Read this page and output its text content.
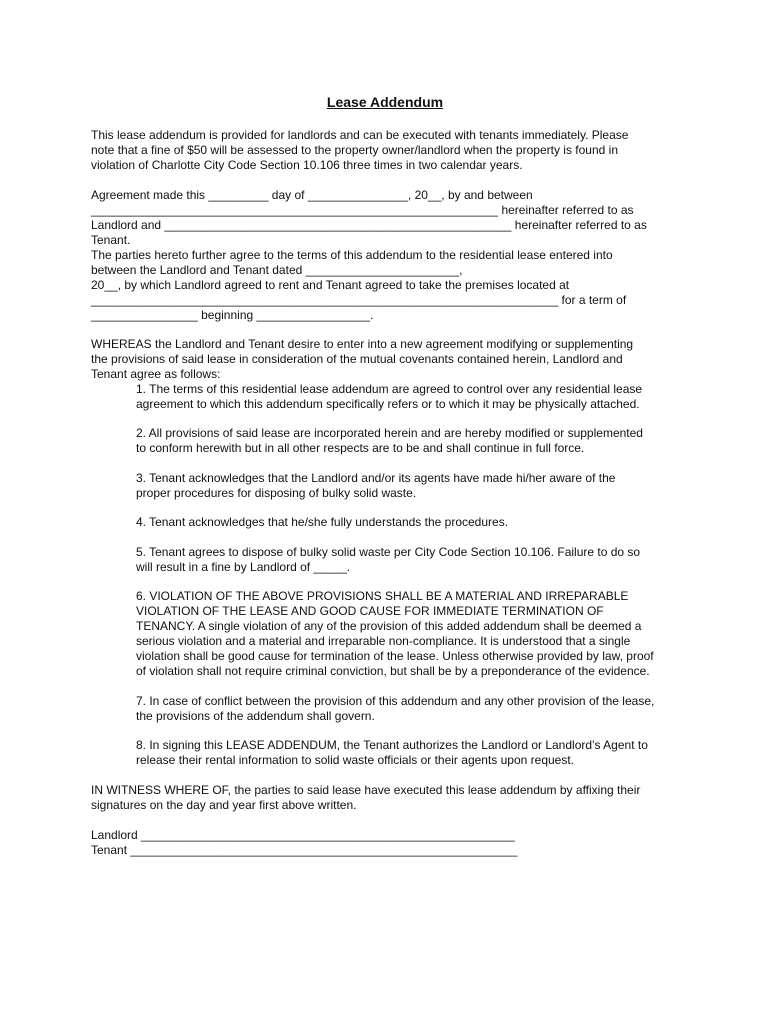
Lease Addendum
This lease addendum is provided for landlords and can be executed with tenants immediately. Please
note that a fine of $50 will be assessed to the property owner/landlord when the property is found in
violation of Charlotte City Code Section 10.106 three times in two calendar years.
Agreement made this _________ day of _______________, 20__, by and between
_____________________________________________________________ hereinafter referred to as
Landlord and ____________________________________________________ hereinafter referred to as
Tenant.
The parties hereto further agree to the terms of this addendum to the residential lease entered into
between the Landlord and Tenant dated _______________________,
20__, by which Landlord agreed to rent and Tenant agreed to take the premises located at
______________________________________________________________________ for a term of
________________ beginning _________________.
WHEREAS the Landlord and Tenant desire to enter into a new agreement modifying or supplementing
the provisions of said lease in consideration of the mutual covenants contained herein, Landlord and
Tenant agree as follows:
1. The terms of this residential lease addendum are agreed to control over any residential lease
agreement to which this addendum specifically refers or to which it may be physically attached.
2. All provisions of said lease are incorporated herein and are hereby modified or supplemented
to conform herewith but in all other respects are to be and shall continue in full force.
3. Tenant acknowledges that the Landlord and/or its agents have made hi/her aware of the
proper procedures for disposing of bulky solid waste.
4. Tenant acknowledges that he/she fully understands the procedures.
5. Tenant agrees to dispose of bulky solid waste per City Code Section 10.106. Failure to do so
will result in a fine by Landlord of _____.
6. VIOLATION OF THE ABOVE PROVISIONS SHALL BE A MATERIAL AND IRREPARABLE
VIOLATION OF THE LEASE AND GOOD CAUSE FOR IMMEDIATE TERMINATION OF
TENANCY. A single violation of any of the provision of this added addendum shall be deemed a
serious violation and a material and irreparable non-compliance. It is understood that a single
violation shall be good cause for termination of the lease. Unless otherwise provided by law, proof
of violation shall not require criminal conviction, but shall be by a preponderance of the evidence.
7. In case of conflict between the provision of this addendum and any other provision of the lease,
the provisions of the addendum shall govern.
8. In signing this LEASE ADDENDUM, the Tenant authorizes the Landlord or Landlord’s Agent to
release their rental information to solid waste officials or their agents upon request.
IN WITNESS WHERE OF, the parties to said lease have executed this lease addendum by affixing their
signatures on the day and year first above written.
Landlord ________________________________________________________
Tenant __________________________________________________________
